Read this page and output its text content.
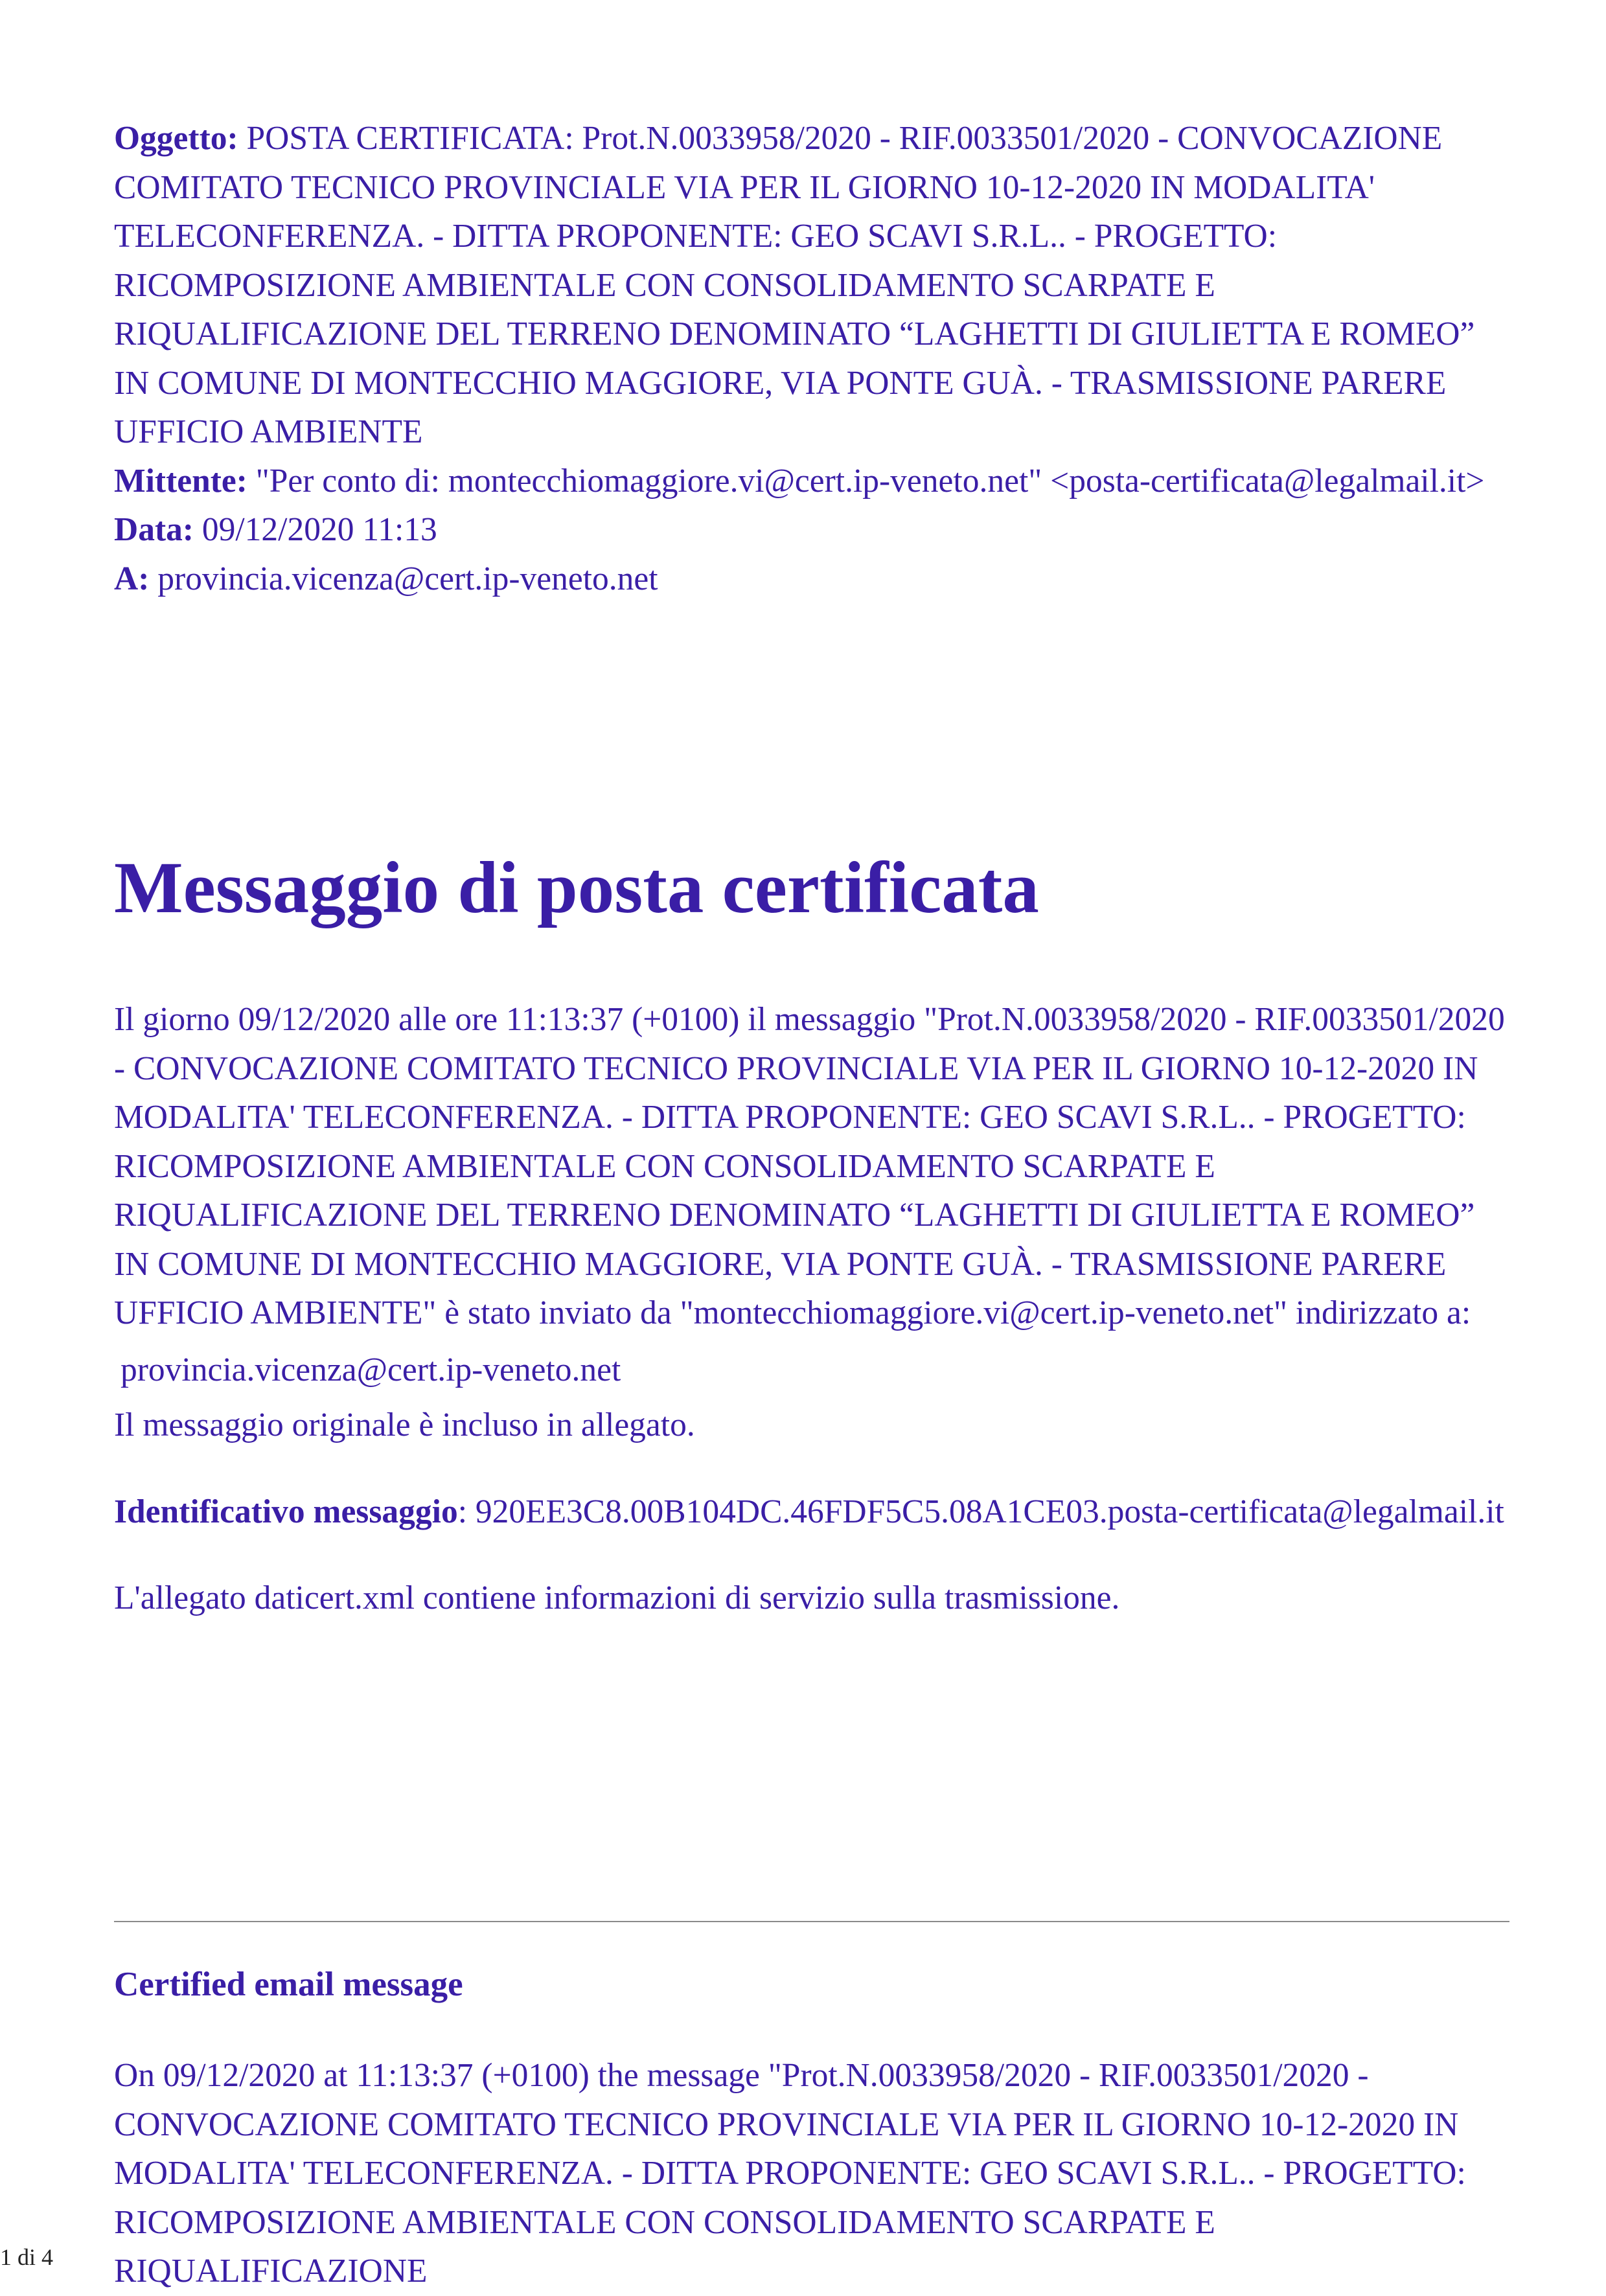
Oggetto: POSTA CERTIFICATA: Prot.N.0033958/2020 - RIF.0033501/2020 - CONVOCAZIONE COMITATO TECNICO PROVINCIALE VIA PER IL GIORNO 10-12-2020 IN MODALITA' TELECONFERENZA. - DITTA PROPONENTE: GEO SCAVI S.R.L.. - PROGETTO: RICOMPOSIZIONE AMBIENTALE CON CONSOLIDAMENTO SCARPATE E RIQUALIFICAZIONE DEL TERRENO DENOMINATO “LAGHETTI DI GIULIETTA E ROMEO” IN COMUNE DI MONTECCHIO MAGGIORE, VIA PONTE GUÀ. - TRASMISSIONE PARERE UFFICIO AMBIENTE

Mittente: "Per conto di: montecchiomaggiore.vi@cert.ip-veneto.net" <posta-certificata@legalmail.it>

Data: 09/12/2020 11:13

A: provincia.vicenza@cert.ip-veneto.net

Messaggio di posta certificata

Il giorno 09/12/2020 alle ore 11:13:37 (+0100) il messaggio "Prot.N.0033958/2020 - RIF.0033501/2020 - CONVOCAZIONE COMITATO TECNICO PROVINCIALE VIA PER IL GIORNO 10-12-2020 IN MODALITA' TELECONFERENZA. - DITTA PROPONENTE: GEO SCAVI S.R.L.. - PROGETTO: RICOMPOSIZIONE AMBIENTALE CON CONSOLIDAMENTO SCARPATE E RIQUALIFICAZIONE DEL TERRENO DENOMINATO “LAGHETTI DI GIULIETTA E ROMEO” IN COMUNE DI MONTECCHIO MAGGIORE, VIA PONTE GUÀ. - TRASMISSIONE PARERE UFFICIO AMBIENTE" è stato inviato da "montecchiomaggiore.vi@cert.ip-veneto.net" indirizzato a:

provincia.vicenza@cert.ip-veneto.net

Il messaggio originale è incluso in allegato.

Identificativo messaggio: 920EE3C8.00B104DC.46FDF5C5.08A1CE03.posta-certificata@legalmail.it

L'allegato daticert.xml contiene informazioni di servizio sulla trasmissione.

Certified email message

On 09/12/2020 at 11:13:37 (+0100) the message "Prot.N.0033958/2020 - RIF.0033501/2020 - CONVOCAZIONE COMITATO TECNICO PROVINCIALE VIA PER IL GIORNO 10-12-2020 IN MODALITA' TELECONFERENZA. - DITTA PROPONENTE: GEO SCAVI S.R.L.. - PROGETTO: RICOMPOSIZIONE AMBIENTALE CON CONSOLIDAMENTO SCARPATE E RIQUALIFICAZIONE

1 di 4
